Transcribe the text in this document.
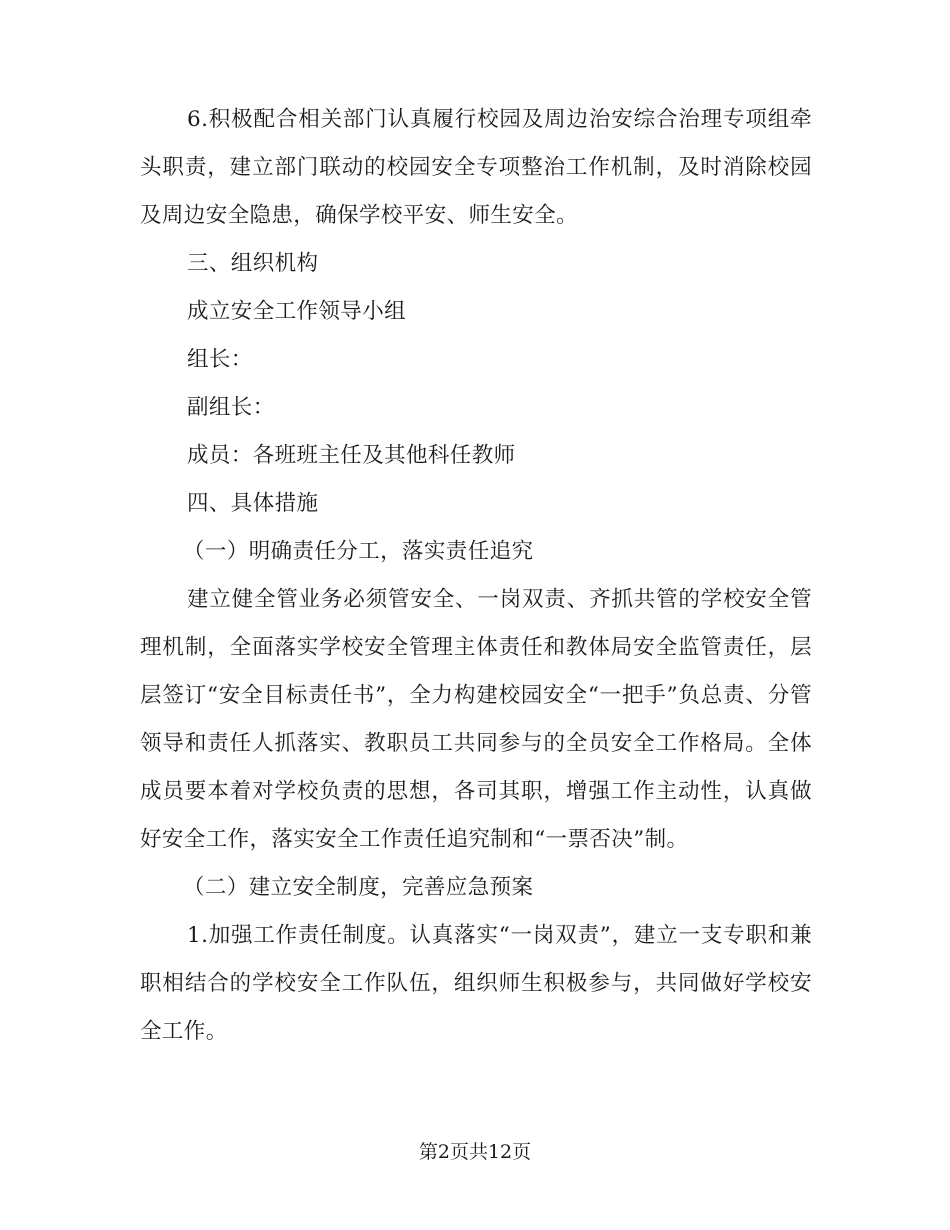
6.积极配合相关部门认真履行校园及周边治安综合治理专项组牵头职责，建立部门联动的校园安全专项整治工作机制，及时消除校园及周边安全隐患，确保学校平安、师生安全。

三、组织机构

成立安全工作领导小组

组长：

副组长：

成员：各班班主任及其他科任教师

四、具体措施

（一）明确责任分工，落实责任追究

建立健全管业务必须管安全、一岗双责、齐抓共管的学校安全管理机制，全面落实学校安全管理主体责任和教体局安全监管责任，层层签订“安全目标责任书”，全力构建校园安全“一把手”负总责、分管领导和责任人抓落实、教职员工共同参与的全员安全工作格局。全体成员要本着对学校负责的思想，各司其职，增强工作主动性，认真做好安全工作，落实安全工作责任追究制和“一票否决”制。

（二）建立安全制度，完善应急预案

1.加强工作责任制度。认真落实“一岗双责”，建立一支专职和兼职相结合的学校安全工作队伍，组织师生积极参与，共同做好学校安全工作。

第2页共12页
